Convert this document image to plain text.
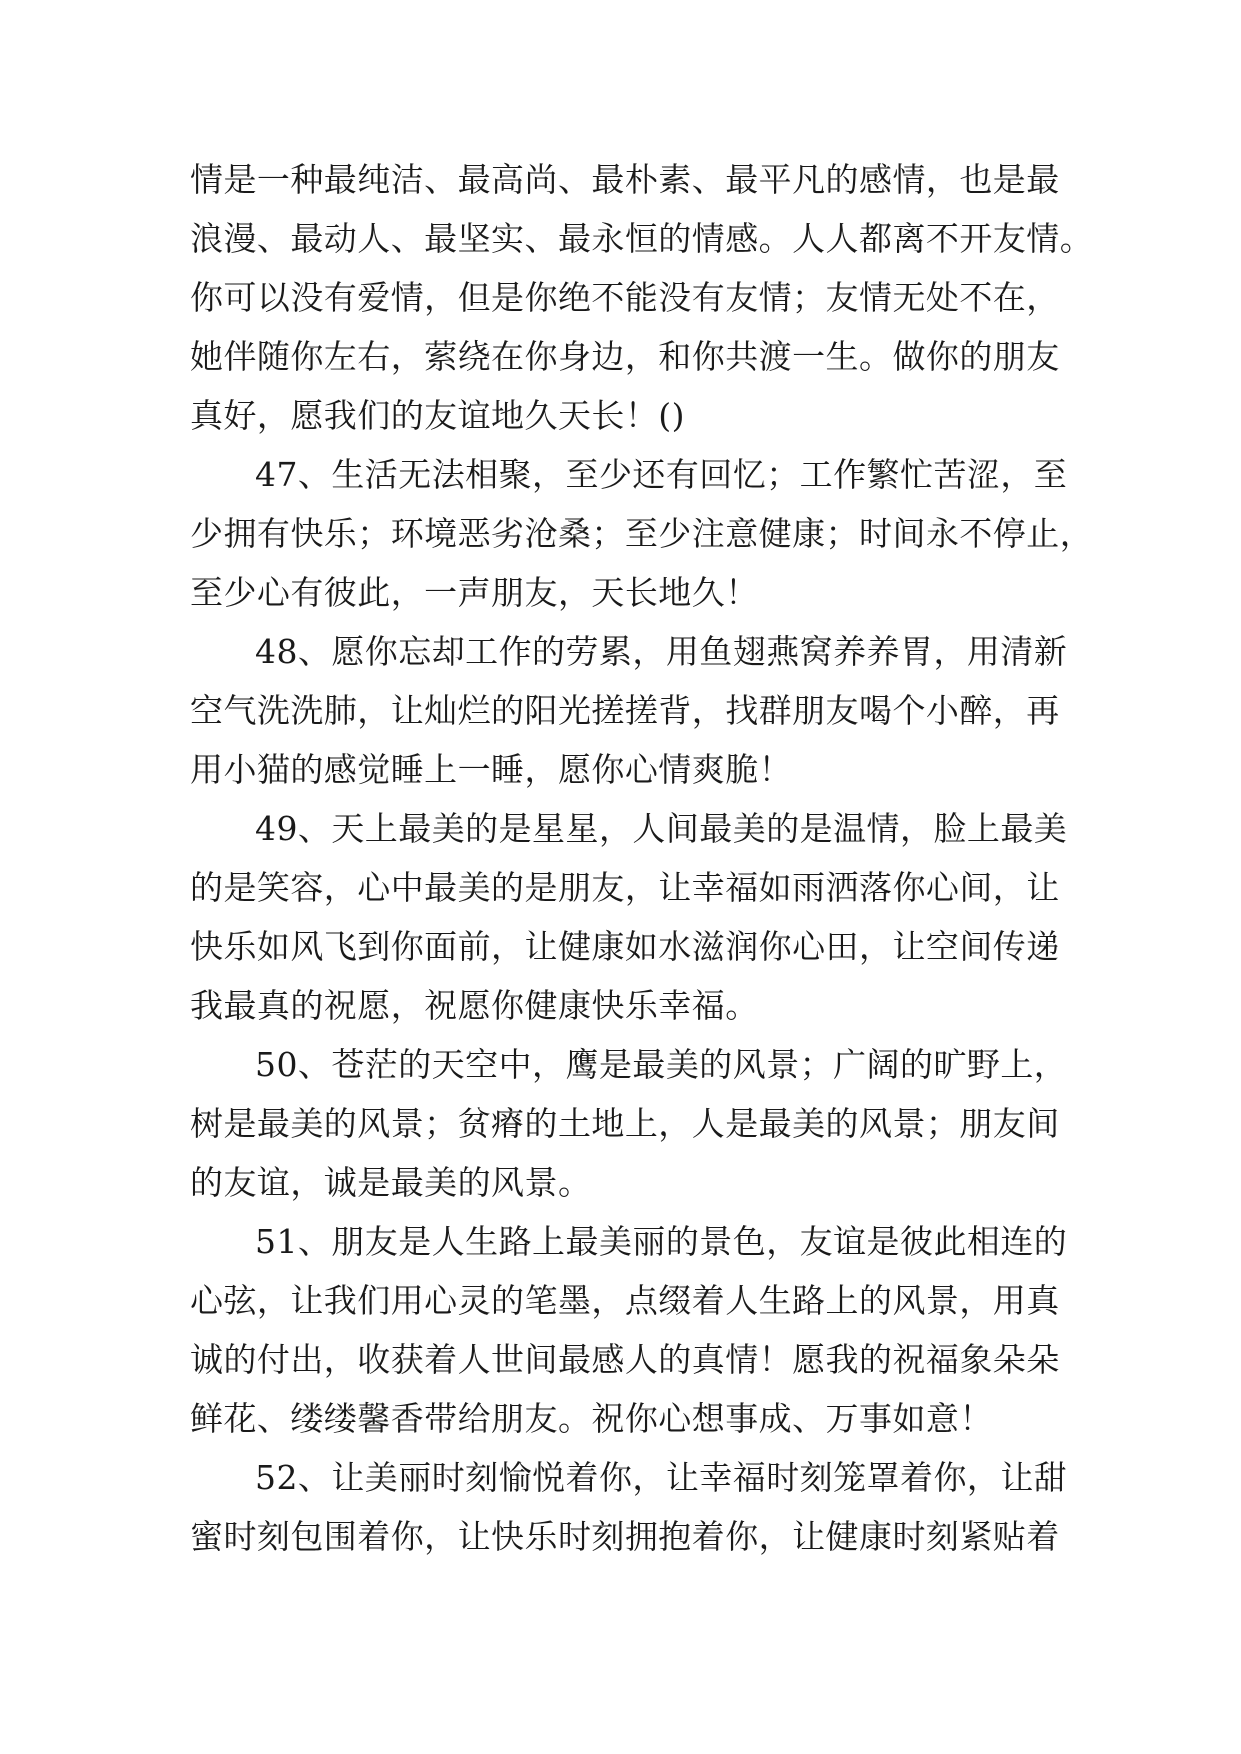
情是一种最纯洁、最高尚、最朴素、最平凡的感情，也是最
浪漫、最动人、最坚实、最永恒的情感。人人都离不开友情。
你可以没有爱情，但是你绝不能没有友情；友情无处不在，
她伴随你左右，萦绕在你身边，和你共渡一生。做你的朋友
真好，愿我们的友谊地久天长！()
47、生活无法相聚，至少还有回忆；工作繁忙苦涩，至
少拥有快乐；环境恶劣沧桑；至少注意健康；时间永不停止，
至少心有彼此，一声朋友，天长地久！
48、愿你忘却工作的劳累，用鱼翅燕窝养养胃，用清新
空气洗洗肺，让灿烂的阳光搓搓背，找群朋友喝个小醉，再
用小猫的感觉睡上一睡，愿你心情爽脆！
49、天上最美的是星星，人间最美的是温情，脸上最美
的是笑容，心中最美的是朋友，让幸福如雨洒落你心间，让
快乐如风飞到你面前，让健康如水滋润你心田，让空间传递
我最真的祝愿，祝愿你健康快乐幸福。
50、苍茫的天空中，鹰是最美的风景；广阔的旷野上，
树是最美的风景；贫瘠的土地上，人是最美的风景；朋友间
的友谊，诚是最美的风景。
51、朋友是人生路上最美丽的景色，友谊是彼此相连的
心弦，让我们用心灵的笔墨，点缀着人生路上的风景，用真
诚的付出，收获着人世间最感人的真情！愿我的祝福象朵朵
鲜花、缕缕馨香带给朋友。祝你心想事成、万事如意！
52、让美丽时刻愉悦着你，让幸福时刻笼罩着你，让甜
蜜时刻包围着你，让快乐时刻拥抱着你，让健康时刻紧贴着
